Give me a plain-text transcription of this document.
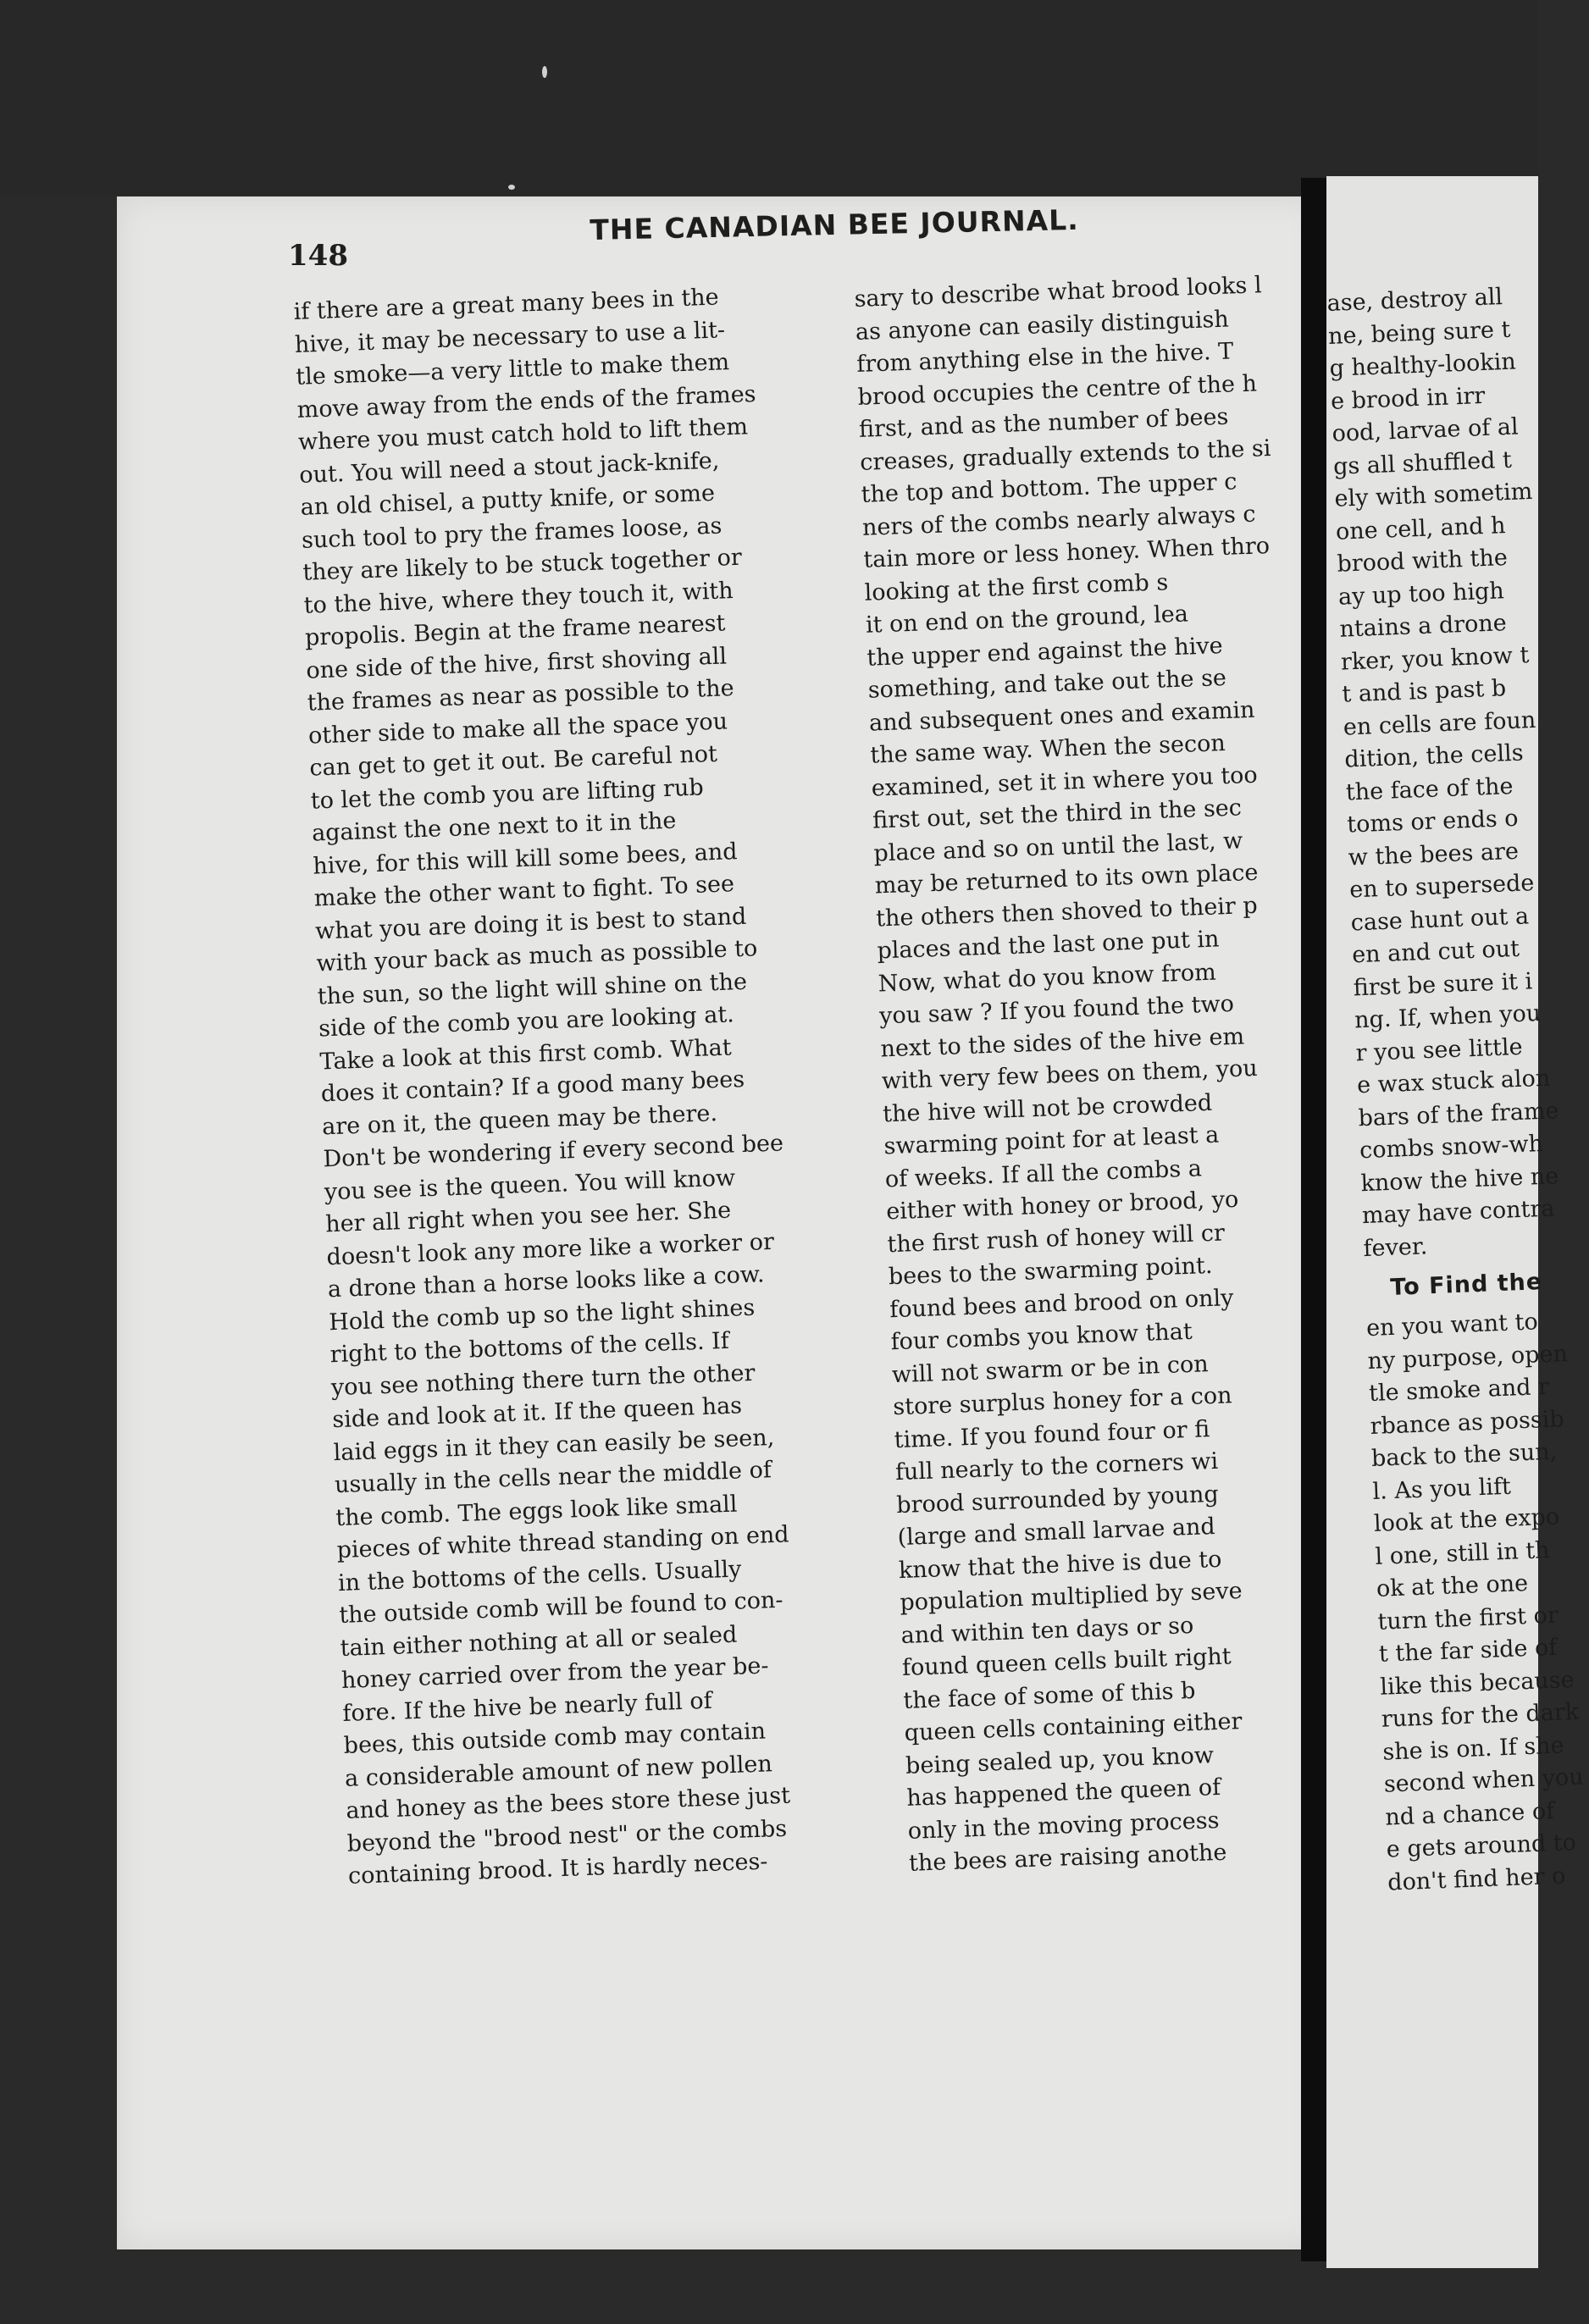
ase, destroy all
ne, being sure t
g healthy-lookin
e brood in irr
ood, larvae of al
gs all shuffled t
ely with sometim
one cell, and h
brood with the
ay up too high
ntains a drone
rker, you know t
t and is past b
en cells are foun
dition, the cells
the face of the
toms or ends o
w the bees are
en to supersede
case hunt out a
en and cut out
first be sure it i
ng. If, when you
r you see little
e wax stuck alon
bars of the frame
combs snow-wh
know the hive ne
may have contra
fever.
To Find the
en you want to
ny purpose, open
tle smoke and r
rbance as possib
back to the sun,
l. As you lift
look at the expo
l one, still in th
ok at the one
turn the first or
t the far side of
like this because
runs for the dark
she is on. If she
second when you
nd a chance of
e gets around to
don't find her o
148
THE CANADIAN BEE JOURNAL.
if there are a great many bees in the
hive, it may be necessary to use a lit-
tle smoke—a very little to make them
move away from the ends of the frames
where you must catch hold to lift them
out. You will need a stout jack-knife,
an old chisel, a putty knife, or some
such tool to pry the frames loose, as
they are likely to be stuck together or
to the hive, where they touch it, with
propolis. Begin at the frame nearest
one side of the hive, first shoving all
the frames as near as possible to the
other side to make all the space you
can get to get it out. Be careful not
to let the comb you are lifting rub
against the one next to it in the
hive, for this will kill some bees, and
make the other want to fight. To see
what you are doing it is best to stand
with your back as much as possible to
the sun, so the light will shine on the
side of the comb you are looking at.
Take a look at this first comb. What
does it contain? If a good many bees
are on it, the queen may be there.
Don't be wondering if every second bee
you see is the queen. You will know
her all right when you see her. She
doesn't look any more like a worker or
a drone than a horse looks like a cow.
Hold the comb up so the light shines
right to the bottoms of the cells. If
you see nothing there turn the other
side and look at it. If the queen has
laid eggs in it they can easily be seen,
usually in the cells near the middle of
the comb. The eggs look like small
pieces of white thread standing on end
in the bottoms of the cells. Usually
the outside comb will be found to con-
tain either nothing at all or sealed
honey carried over from the year be-
fore. If the hive be nearly full of
bees, this outside comb may contain
a considerable amount of new pollen
and honey as the bees store these just
beyond the "brood nest" or the combs
containing brood. It is hardly neces-
sary to describe what brood looks l
as anyone can easily distinguish
from anything else in the hive. T
brood occupies the centre of the h
first, and as the number of bees
creases, gradually extends to the si
the top and bottom. The upper c
ners of the combs nearly always c
tain more or less honey. When thro
looking at the first comb s
it on end on the ground, lea
the upper end against the hive
something, and take out the se
and subsequent ones and examin
the same way. When the secon
examined, set it in where you too
first out, set the third in the sec
place and so on until the last, w
may be returned to its own place
the others then shoved to their p
places and the last one put in
Now, what do you know from
you saw ? If you found the two
next to the sides of the hive em
with very few bees on them, you
the hive will not be crowded
swarming point for at least a
of weeks. If all the combs a
either with honey or brood, yo
the first rush of honey will cr
bees to the swarming point.
found bees and brood on only
four combs you know that
will not swarm or be in con
store surplus honey for a con
time. If you found four or fi
full nearly to the corners wi
brood surrounded by young
(large and small larvae and
know that the hive is due to
population multiplied by seve
and within ten days or so
found queen cells built right
the face of some of this b
queen cells containing either
being sealed up, you know
has happened the queen of
only in the moving process
the bees are raising anothe
